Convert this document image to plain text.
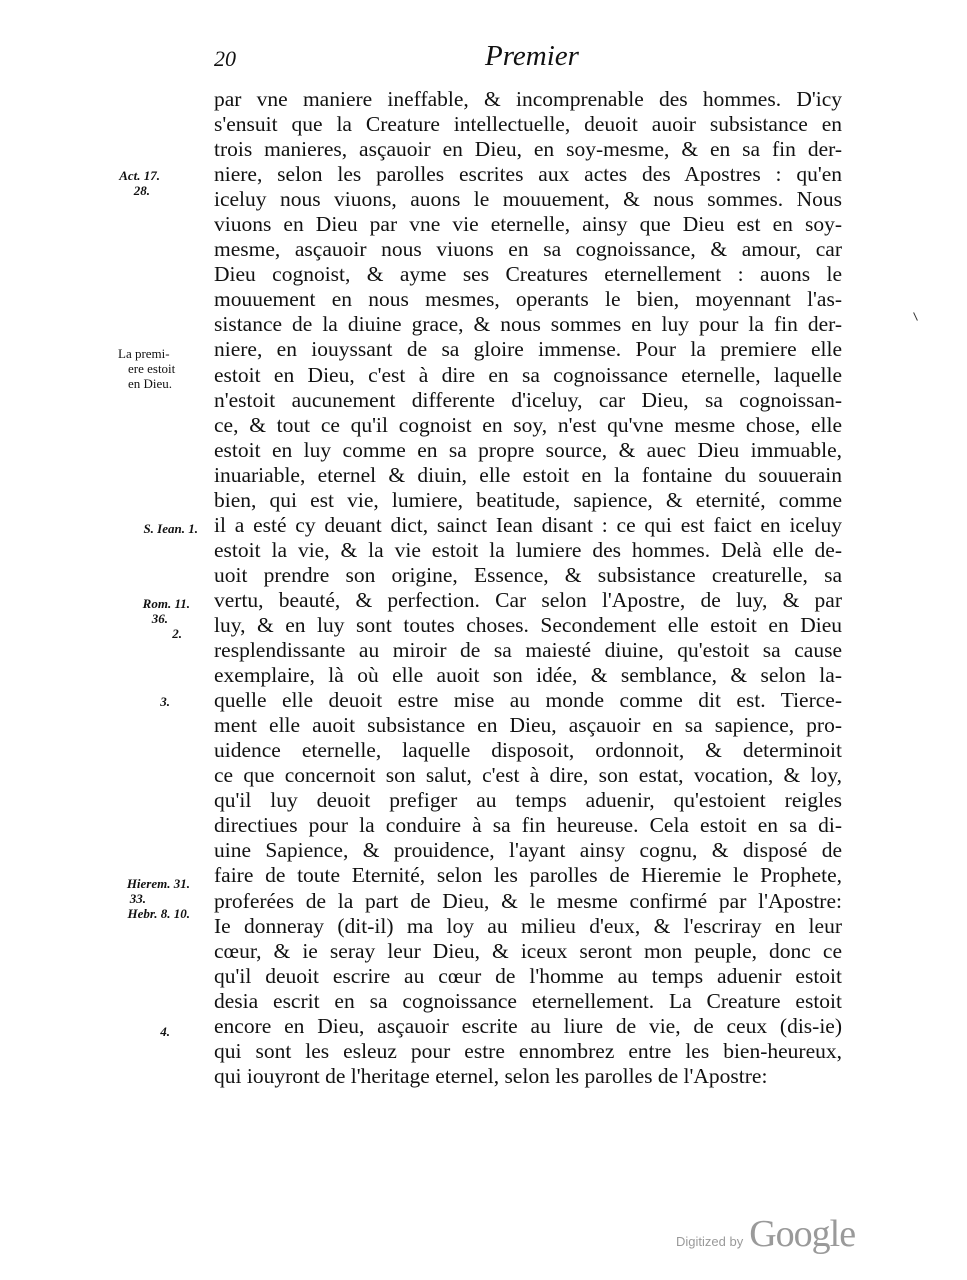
20	Premier
par vne maniere ineffable, & incomprenable des hommes. D'icy
s'ensuit que la Creature intellectuelle, deuoit auoir subsistance en
trois manieres, asçauoir en Dieu, en soy-mesme, & en sa fin der-
niere, selon les parolles escrites aux actes des Apostres : qu'en
iceluy nous viuons, auons le mouuement, & nous sommes. Nous
viuons en Dieu par vne vie eternelle, ainsy que Dieu est en soy-
mesme, asçauoir nous viuons en sa cognoissance, & amour, car
Dieu cognoist, & ayme ses Creatures eternellement : auons le
mouuement en nous mesmes, operants le bien, moyennant l'as-
sistance de la diuine grace, & nous sommes en luy pour la fin der-
niere, en iouyssant de sa gloire immense. Pour la premiere elle
estoit en Dieu, c'est à dire en sa cognoissance eternelle, laquelle
n'estoit aucunement differente d'iceluy, car Dieu, sa cognoissan-
ce, & tout ce qu'il cognoist en soy, n'est qu'vne mesme chose, elle
estoit en luy comme en sa propre source, & auec Dieu immuable,
inuariable, eternel & diuin, elle estoit en la fontaine du souuerain
bien, qui est vie, lumiere, beatitude, sapience, & eternité, comme
il a esté cy deuant dict, sainct Iean disant : ce qui est faict en iceluy
estoit la vie, & la vie estoit la lumiere des hommes. Delà elle de-
uoit prendre son origine, Essence, & subsistance creaturelle, sa
vertu, beauté, & perfection. Car selon l'Apostre, de luy, & par
luy, & en luy sont toutes choses. Secondement elle estoit en Dieu
resplendissante au miroir de sa maiesté diuine, qu'estoit sa cause
exemplaire, là où elle auoit son idée, & semblance, & selon la-
quelle elle deuoit estre mise au monde comme dit est. Tierce-
ment elle auoit subsistance en Dieu, asçauoir en sa sapience, pro-
uidence eternelle, laquelle disposoit, ordonnoit, & determinoit
ce que concernoit son salut, c'est à dire, son estat, vocation, & loy,
qu'il luy deuoit prefiger au temps aduenir, qu'estoient reigles
directiues pour la conduire à sa fin heureuse. Cela estoit en sa di-
uine Sapience, & prouidence, l'ayant ainsy cognu, & disposé de
faire de toute Eternité, selon les parolles de Hieremie le Prophete,
proferées de la part de Dieu, & le mesme confirmé par l'Apostre:
Ie donneray (dit-il) ma loy au milieu d'eux, & l'escriray en leur
cœur, & ie seray leur Dieu, & iceux seront mon peuple, donc ce
qu'il deuoit escrire au cœur de l'homme au temps aduenir estoit
desia escrit en sa cognoissance eternellement. La Creature estoit
encore en Dieu, asçauoir escrite au liure de vie, de ceux (dis-ie)
qui sont les esleuz pour estre ennombrez entre les bien-heureux,
qui iouyront de l'heritage eternel, selon les parolles de l'Apostre:
Act. 17.
28.
La premi-
ere estoit
en Dieu.
S. Iean. 1.
Rom. 11.
36.
2.
3.
Hierem. 31.
33.
Hebr. 8. 10.
4.
Digitized by Google
